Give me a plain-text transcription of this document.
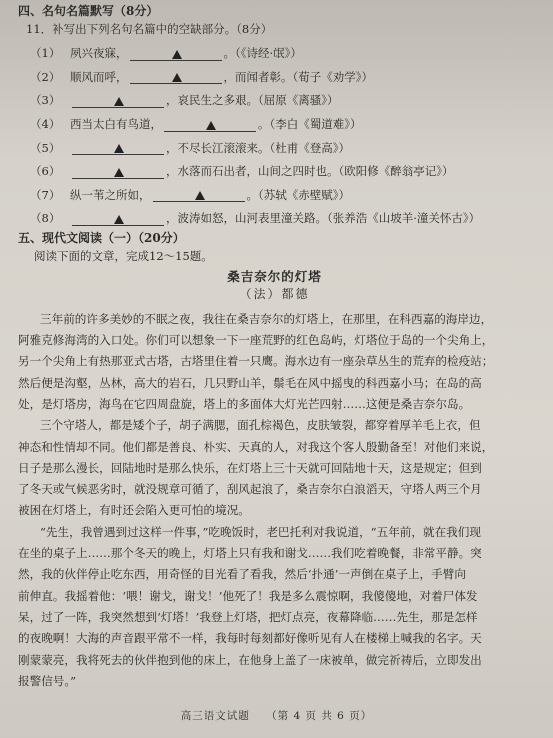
四、名句名篇默写（8分）
11．补写出下列名句名篇中的空缺部分。（8分）
（1） 夙兴夜寐，	。（《诗经·氓》）
（2） 顺风而呼，	，而闻者彰。（荀子《劝学》）
（3）	，哀民生之多艰。（屈原《离骚》）
（4） 西当太白有鸟道，	。（李白《蜀道难》）
（5）	，不尽长江滚滚来。（杜甫《登高》）
（6）	，水落而石出者，山间之四时也。（欧阳修《醉翁亭记》）
（7） 纵一苇之所如，	。（苏轼《赤壁赋》）
（8）	，波涛如怒，山河表里潼关路。（张养浩《山坡羊·潼关怀古》）
五、现代文阅读（一）（20分）
阅读下面的文章，完成12～15题。
桑吉奈尔的灯塔
（法）都德
三年前的许多美妙的不眠之夜，我往在桑吉奈尔的灯塔上，在那里，在科西嘉的海岸边，
阿雅克修海湾的入口处。你们可以想象一下一座荒野的红色岛屿，灯塔位于岛的一个尖角上，
另一个尖角上有热那亚式古塔，古塔里住着一只鹰。海水边有一座杂草丛生的荒弃的检疫站；
然后便是沟壑，丛林，高大的岩石，几只野山羊，鬃毛在风中摇曳的科西嘉小马；在岛的高
处，是灯塔房，海鸟在它四周盘旋，塔上的多面体大灯光芒四射……这便是桑吉奈尔岛。
三个守塔人，都是矮个子，胡子满腮，面孔棕褐色，皮肤皱裂，都穿着厚羊毛上衣，但
神态和性情却不同。他们都是善良、朴实、天真的人，对我这个客人殷勤备至！对他们来说，
日子是那么漫长，回陆地时是那么快乐，在灯塔上三十天就可回陆地十天，这是规定；但到
了冬天或气候恶劣时，就没规章可循了，刮风起浪了，桑吉奈尔白浪滔天，守塔人两三个月
被困在灯塔上，有时还会陷入更可怕的境况。
“先生，我曾遇到过这样一件事，”吃晚饭时，老巴托利对我说道，“五年前，就在我们现
在坐的桌子上……那个冬天的晚上，灯塔上只有我和谢戈……我们吃着晚餐，非常平静。突
然，我的伙伴停止吃东西，用奇怪的目光看了看我，然后‘扑通’一声倒在桌子上，手臂向
前伸直。我摇着他：‘喂！谢戈，谢戈！’他死了！我是多么震惊啊，我傻傻地，对着尸体发
呆，过了一阵，我突然想到‘灯塔！’我登上灯塔，把灯点亮，夜幕降临……先生，那是怎样
的夜晚啊！大海的声音跟平常不一样，我每时每刻都好像听见有人在楼梯上喊我的名字。天
刚蒙蒙亮，我将死去的伙伴抱到他的床上，在他身上盖了一床被单，做完祈祷后，立即发出
报警信号。”
高三语文试题 （第 4 页 共 6 页）
